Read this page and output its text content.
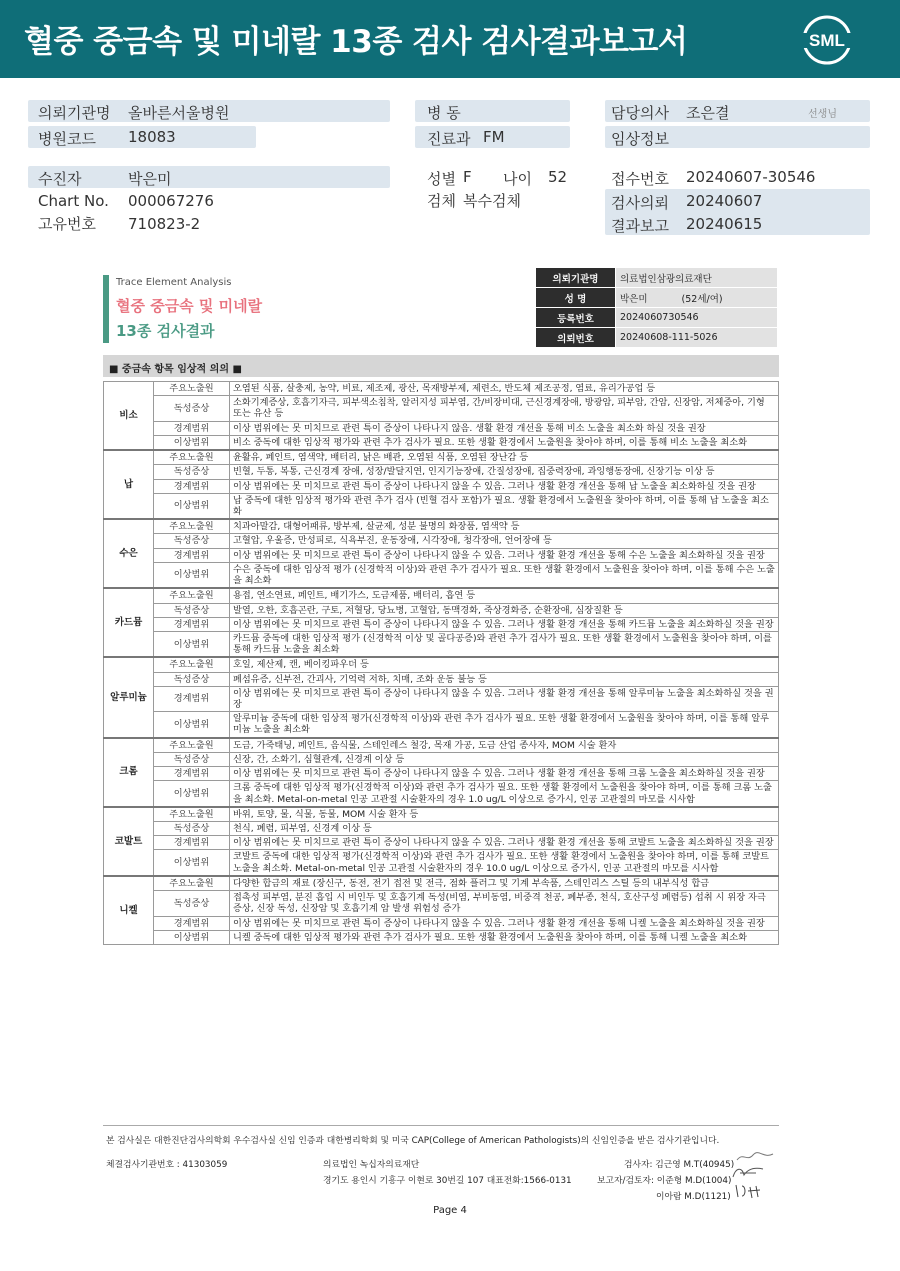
혈중 중금속 및 미네랄 13종 검사 검사결과보고서	SML
의뢰기관명 올바른서울병원
병원코드 18083
병 동
진료과 FM
담당의사 조은결	선생님
임상정보
수진자	박은미
Chart No. 000067276
고유번호 710823-2
성별 F 나이 52
검체 복수검체
접수번호 20240607-30546
검사의뢰 20240607
결과보고 20240615
Trace Element Analysis
혈중 중금속 및 미네랄
13종 검사결과
의뢰기관명	의료법인삼광의료재단
성 명	박은미 (52세/여)
등록번호	2024060730546
의뢰번호	20240608-111-5026
■ 중금속 항목 임상적 의의 ■
비소	주요노출원	오염된 식품, 살충제, 농약, 비료, 제조제, 광산, 목재방부제, 제련소, 반도체 제조공정, 염료, 유리가공업 등
	독성증상	소화기계증상, 호흡기자극, 피부색소침착, 알러지성 피부염, 간/비장비대, 근신경계장애, 방광암, 피부암, 간암, 신장암, 저체중아, 기형 또는 유산 등
	경계범위	이상 범위에는 못 미치므로 관련 특이 증상이 나타나지 않음. 생활 환경 개선을 통해 비소 노출을 최소화 하실 것을 권장
	이상범위	비소 중독에 대한 임상적 평가와 관련 추가 검사가 필요. 또한 생활 환경에서 노출원을 찾아야 하며, 이를 통해 비소 노출을 최소화
납	주요노출원	윤활유, 페인트, 염색약, 배터리, 낡은 배관, 오염된 식품, 오염된 장난감 등
	독성증상	빈혈, 두통, 복통, 근신경계 장애, 성장/발달지연, 인지기능장애, 간질성장애, 집중력장애, 과잉행동장애, 신장기능 이상 등
	경계범위	이상 범위에는 못 미치므로 관련 특이 증상이 나타나지 않을 수 있음. 그러나 생활 환경 개선을 통해 납 노출을 최소화하실 것을 권장
	이상범위	납 중독에 대한 임상적 평가와 관련 추가 검사 (빈혈 검사 포함)가 필요. 생활 환경에서 노출원을 찾아야 하며, 이를 통해 납 노출을 최소화
수은	주요노출원	치과아말감, 대형어패류, 방부제, 살균제, 성분 불명의 화장품, 염색약 등
	독성증상	고혈압, 우울증, 만성피로, 식욕부진, 운동장애, 시각장애, 청각장애, 언어장애 등
	경계범위	이상 범위에는 못 미치므로 관련 특이 증상이 나타나지 않을 수 있음. 그러나 생활 환경 개선을 통해 수은 노출을 최소화하실 것을 권장
	이상범위	수은 중독에 대한 임상적 평가 (신경학적 이상)와 관련 추가 검사가 필요. 또한 생활 환경에서 노출원을 찾아야 하며, 이를 통해 수은 노출을 최소화
카드뮴	주요노출원	용접, 연소연료, 페인트, 배기가스, 도금제품, 배터리, 흡연 등
	독성증상	발열, 오한, 호흡곤란, 구토, 저혈당, 당뇨병, 고혈압, 동맥경화, 죽상경화증, 순환장애, 심장질환 등
	경계범위	이상 범위에는 못 미치므로 관련 특이 증상이 나타나지 않을 수 있음. 그러나 생활 환경 개선을 통해 카드뮴 노출을 최소화하실 것을 권장
	이상범위	카드뮴 중독에 대한 임상적 평가 (신경학적 이상 및 골다공증)와 관련 추가 검사가 필요. 또한 생활 환경에서 노출원을 찾아야 하며, 이를 통해 카드뮴 노출을 최소화
알루미늄	주요노출원	호일, 제산제, 캔, 베이킹파우더 등
	독성증상	폐섬유증, 신부전, 간괴사, 기억력 저하, 치매, 조화 운동 불능 등
	경계범위	이상 범위에는 못 미치므로 관련 특이 증상이 나타나지 않을 수 있음. 그러나 생활 환경 개선을 통해 알루미늄 노출을 최소화하실 것을 권장
	이상범위	알루미늄 중독에 대한 임상적 평가(신경학적 이상)와 관련 추가 검사가 필요. 또한 생활 환경에서 노출원을 찾아야 하며, 이를 통해 알루미늄 노출을 최소화
크롬	주요노출원	도금, 가죽태닝, 페인트, 음식물, 스테인레스 철강, 목재 가공, 도금 산업 종사자, MOM 시술 환자
	독성증상	신장, 간, 소화기, 심혈관계, 신경계 이상 등
	경계범위	이상 범위에는 못 미치므로 관련 특이 증상이 나타나지 않을 수 있음. 그러나 생활 환경 개선을 통해 크롬 노출을 최소화하실 것을 권장
	이상범위	크롬 중독에 대한 임상적 평가(신경학적 이상)와 관련 추가 검사가 필요. 또한 생활 환경에서 노출원을 찾아야 하며, 이를 통해 크롬 노출을 최소화. Metal-on-metal 인공 고관절 시술환자의 경우 1.0 ug/L 이상으로 증가시, 인공 고관절의 마모를 시사함
코발트	주요노출원	바위, 토양, 물, 식물, 동물, MOM 시술 환자 등
	독성증상	천식, 폐렴, 피부염, 신경계 이상 등
	경계범위	이상 범위에는 못 미치므로 관련 특이 증상이 나타나지 않을 수 있음. 그러나 생활 환경 개선을 통해 코발트 노출을 최소화하실 것을 권장
	이상범위	코발트 중독에 대한 임상적 평가(신경학적 이상)와 관련 추가 검사가 필요. 또한 생활 환경에서 노출원을 찾아야 하며, 이를 통해 코발트 노출을 최소화. Metal-on-metal 인공 고관절 시술환자의 경우 10.0 ug/L 이상으로 증가시, 인공 고관절의 마모를 시사함
니켈	주요노출원	다양한 합금의 재료 (장신구, 동전, 전기 접전 및 전극, 점화 플러그 및 기계 부속품, 스테인리스 스틸 등의 내부식성 합금
	독성증상	접촉성 피부염, 분진 흡입 시 비인두 및 호흡기계 독성(비염, 부비동염, 비중격 천공, 폐부종, 천식, 호산구성 폐렴등) 섭취 시 위장 자극 증상, 신장 독성, 신장암 및 호흡기계 암 발생 위험성 증가
	경계범위	이상 범위에는 못 미치므로 관련 특이 증상이 나타나지 않을 수 있음. 그러나 생활 환경 개선을 통해 니켈 노출을 최소화하실 것을 권장
	이상범위	니켈 중독에 대한 임상적 평가와 관련 추가 검사가 필요. 또한 생활 환경에서 노출원을 찾아야 하며, 이를 통해 니켈 노출을 최소화
본 검사실은 대한진단검사의학회 우수검사실 신임 인증과 대한병리학회 및 미국 CAP(College of American Pathologists)의 신임인증을 받은 검사기관입니다.
체결검사기관번호 : 41303059	의료법인 녹십자의료재단
경기도 용인시 기흥구 이현로 30번길 107 대표전화:1566-0131
검사자: 김근영 M.T(40945)
보고자/검토자: 이준형 M.D(1004)
이아람 M.D(1121)
Page 4
